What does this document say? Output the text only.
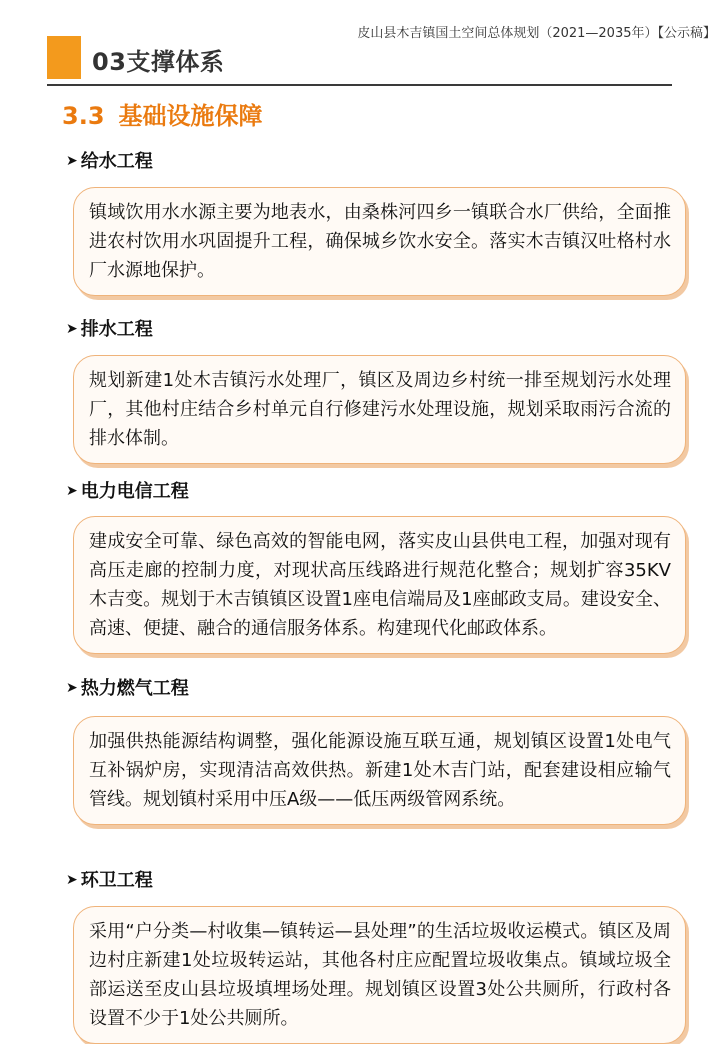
皮山县木吉镇国土空间总体规划（2021—2035年）【公示稿】
03支撑体系
3.3 基础设施保障
➤ 给水工程
镇域饮用水水源主要为地表水，由桑株河四乡一镇联合水厂供给，全面推进农村饮用水巩固提升工程，确保城乡饮水安全。落实木吉镇汉吐格村水厂水源地保护。
➤ 排水工程
规划新建1处木吉镇污水处理厂，镇区及周边乡村统一排至规划污水处理厂，其他村庄结合乡村单元自行修建污水处理设施，规划采取雨污合流的排水体制。
➤ 电力电信工程
建成安全可靠、绿色高效的智能电网，落实皮山县供电工程，加强对现有高压走廊的控制力度，对现状高压线路进行规范化整合；规划扩容35KV木吉变。规划于木吉镇镇区设置1座电信端局及1座邮政支局。建设安全、高速、便捷、融合的通信服务体系。构建现代化邮政体系。
➤ 热力燃气工程
加强供热能源结构调整，强化能源设施互联互通，规划镇区设置1处电气互补锅炉房，实现清洁高效供热。新建1处木吉门站，配套建设相应输气管线。规划镇村采用中压A级——低压两级管网系统。
➤ 环卫工程
采用“户分类—村收集—镇转运—县处理”的生活垃圾收运模式。镇区及周边村庄新建1处垃圾转运站，其他各村庄应配置垃圾收集点。镇域垃圾全部运送至皮山县垃圾填埋场处理。规划镇区设置3处公共厕所，行政村各设置不少于1处公共厕所。
